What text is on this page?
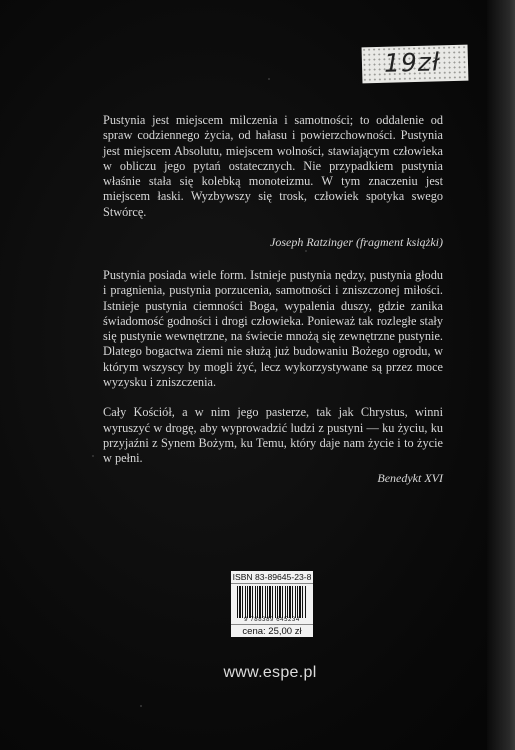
19zł

Pustynia jest miejscem milczenia i samotności; to oddalenie od spraw codziennego życia, od hałasu i powierzchowności. Pustynia jest miejscem Absolutu, miejscem wolności, stawiającym człowieka w obliczu jego pytań ostatecznych. Nie przypadkiem pustynia właśnie stała się kolebką monoteizmu. W tym znaczeniu jest miejscem łaski. Wyzbywszy się trosk, człowiek spotyka swego Stwórcę.

Joseph Ratzinger (fragment książki)

Pustynia posiada wiele form. Istnieje pustynia nędzy, pustynia głodu i pragnienia, pustynia porzucenia, samotności i zniszczonej miłości. Istnieje pustynia ciemności Boga, wypalenia duszy, gdzie zanika świadomość godności i drogi człowieka. Ponieważ tak rozległe stały się pustynie wewnętrzne, na świecie mnożą się zewnętrzne pustynie. Dlatego bogactwa ziemi nie służą już budowaniu Bożego ogrodu, w którym wszyscy by mogli żyć, lecz wykorzystywane są przez moce wyzysku i zniszczenia.

Cały Kościół, a w nim jego pasterze, tak jak Chrystus, winni wyruszyć w drogę, aby wyprowadzić ludzi z pustyni — ku życiu, ku przyjaźni z Synem Bożym, ku Temu, który daje nam życie i to życie w pełni.

Benedykt XVI
ISBN 83-89645-23-8
9 788389 645234
cena: 25,00 zł
www.espe.pl
